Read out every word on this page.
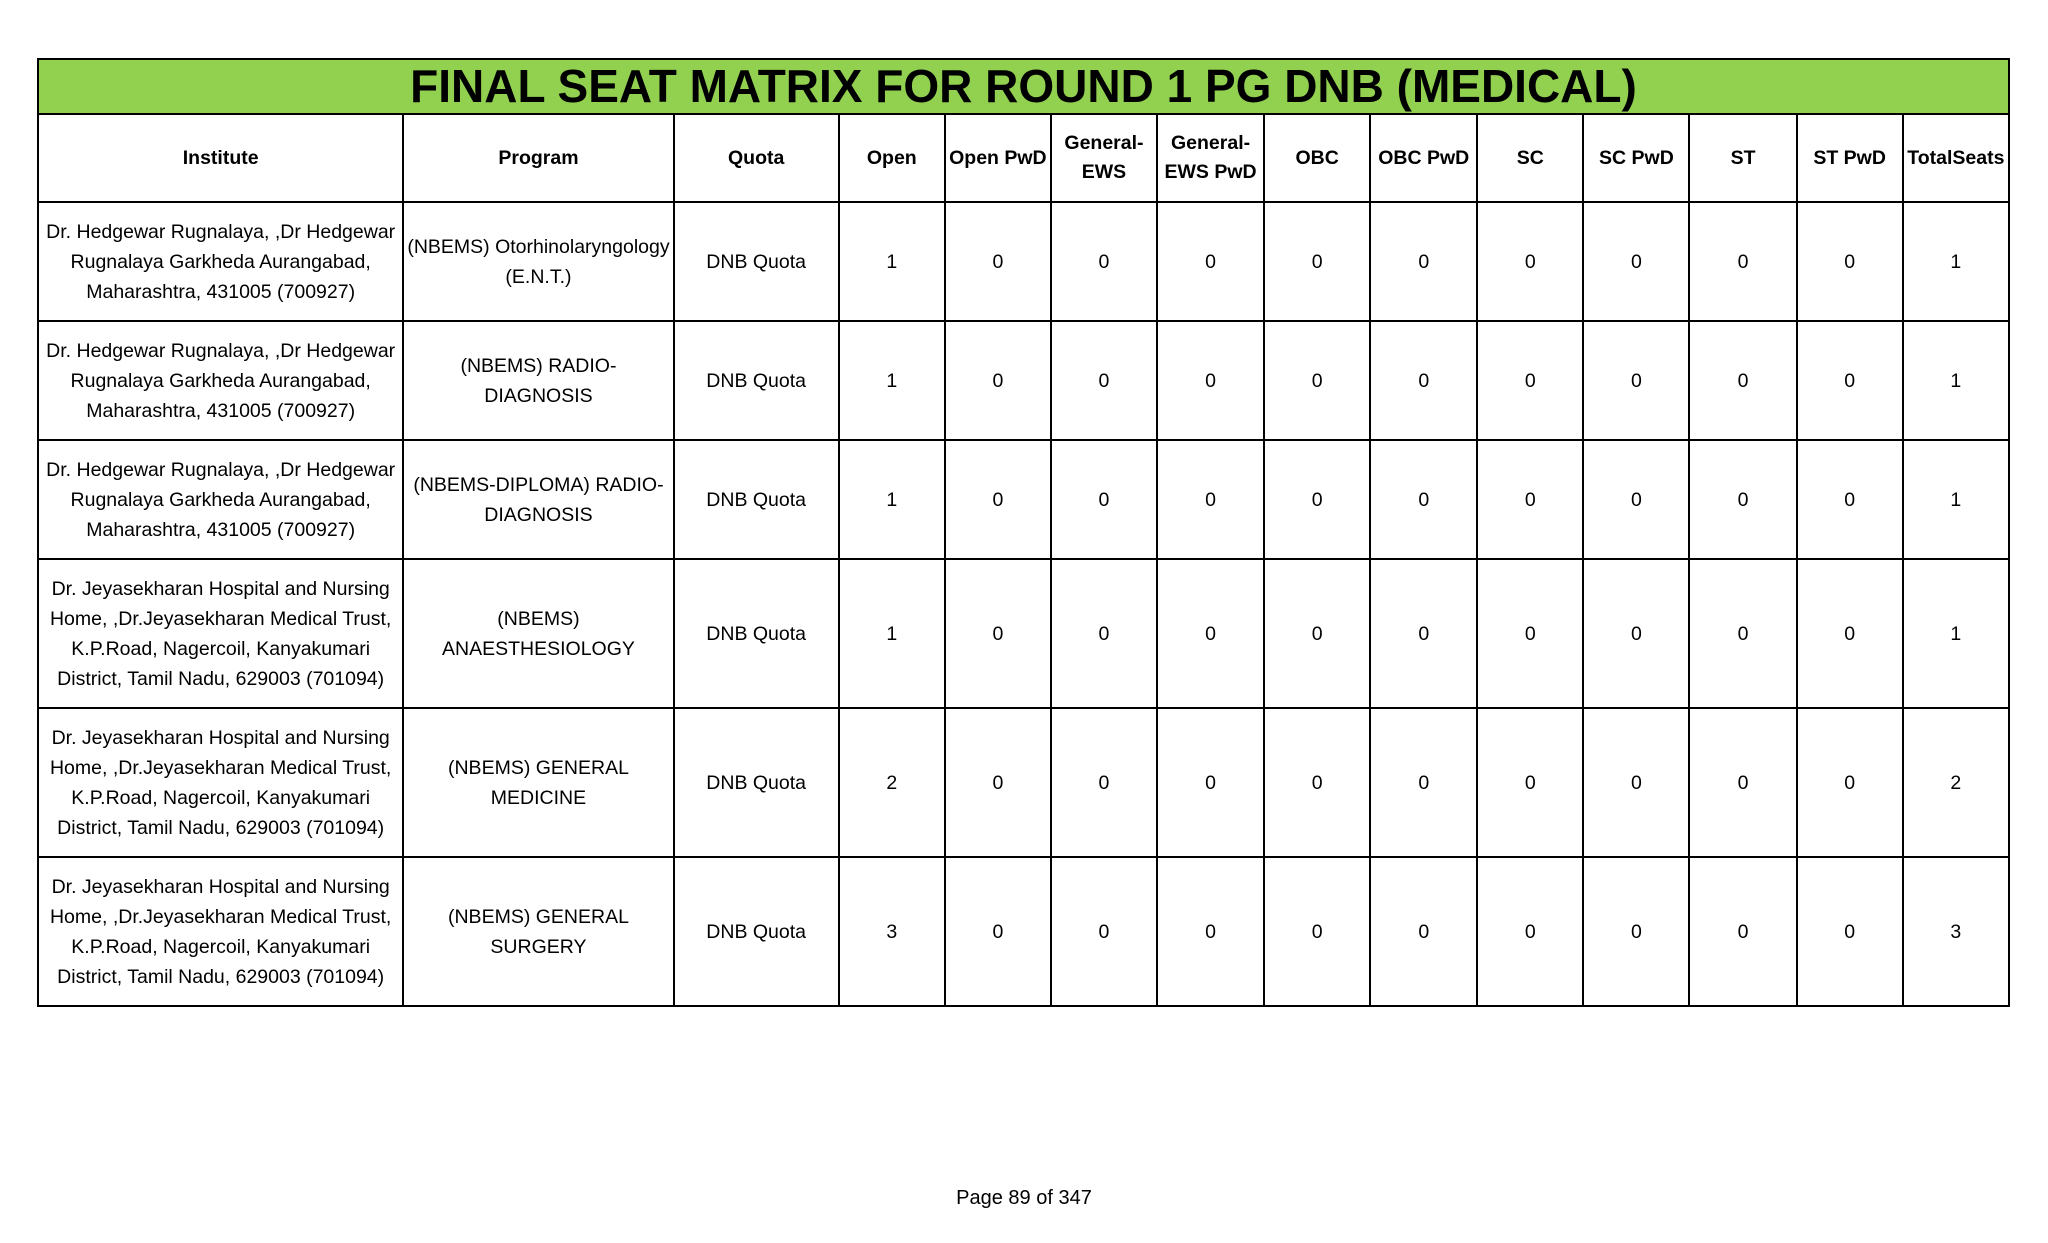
FINAL SEAT MATRIX FOR ROUND 1 PG DNB (MEDICAL)													
Institute	Program	Quota	Open	Open PwD	General-EWS	General-EWS PwD	OBC	OBC PwD	SC	SC PwD	ST	ST PwD	TotalSeats
Dr. Hedgewar Rugnalaya, ,Dr Hedgewar Rugnalaya Garkheda Aurangabad, Maharashtra, 431005 (700927)	(NBEMS) Otorhinolaryngology (E.N.T.)	DNB Quota	1	0	0	0	0	0	0	0	0	0	1
Dr. Hedgewar Rugnalaya, ,Dr Hedgewar Rugnalaya Garkheda Aurangabad, Maharashtra, 431005 (700927)	(NBEMS) RADIO-DIAGNOSIS	DNB Quota	1	0	0	0	0	0	0	0	0	0	1
Dr. Hedgewar Rugnalaya, ,Dr Hedgewar Rugnalaya Garkheda Aurangabad, Maharashtra, 431005 (700927)	(NBEMS-DIPLOMA) RADIO-DIAGNOSIS	DNB Quota	1	0	0	0	0	0	0	0	0	0	1
Dr. Jeyasekharan Hospital and Nursing Home, ,Dr.Jeyasekharan Medical Trust, K.P.Road, Nagercoil, Kanyakumari District, Tamil Nadu, 629003 (701094)	(NBEMS) ANAESTHESIOLOGY	DNB Quota	1	0	0	0	0	0	0	0	0	0	1
Dr. Jeyasekharan Hospital and Nursing Home, ,Dr.Jeyasekharan Medical Trust, K.P.Road, Nagercoil, Kanyakumari District, Tamil Nadu, 629003 (701094)	(NBEMS) GENERAL MEDICINE	DNB Quota	2	0	0	0	0	0	0	0	0	0	2
Dr. Jeyasekharan Hospital and Nursing Home, ,Dr.Jeyasekharan Medical Trust, K.P.Road, Nagercoil, Kanyakumari District, Tamil Nadu, 629003 (701094)	(NBEMS) GENERAL SURGERY	DNB Quota	3	0	0	0	0	0	0	0	0	0	3
Page 89 of 347
